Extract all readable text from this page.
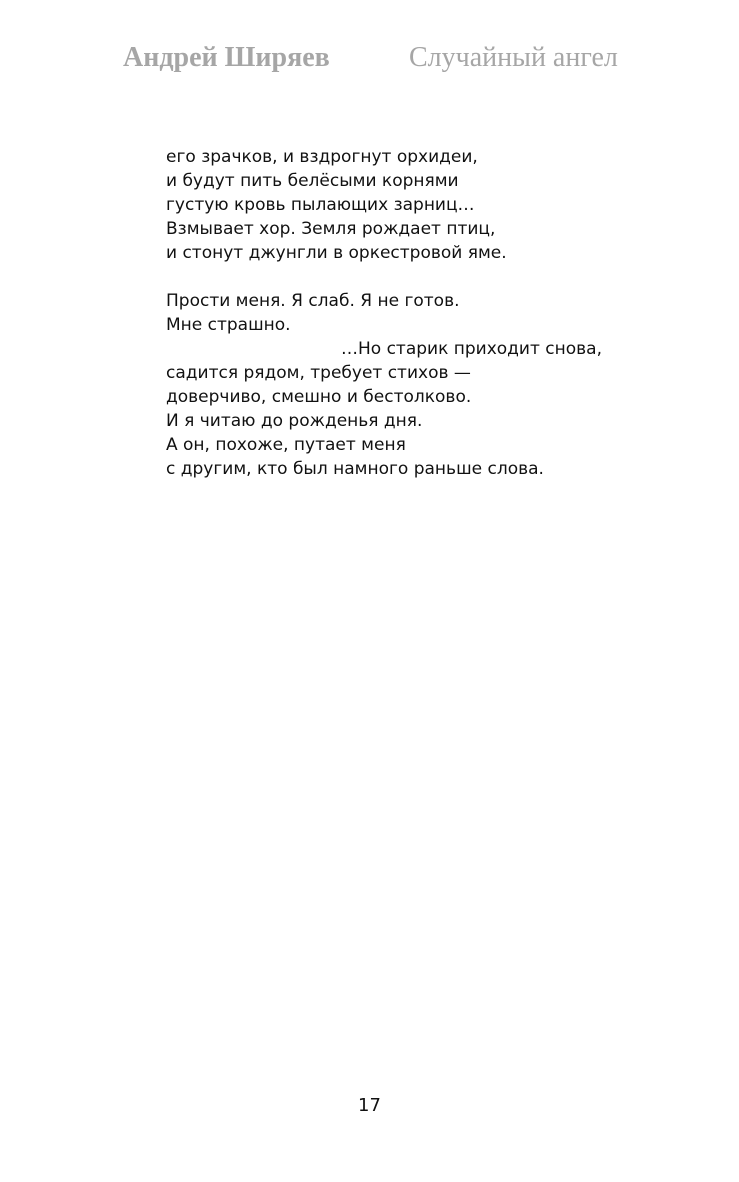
Андрей Ширяев	Случайный ангел
его зрачков, и вздрогнут орхидеи,
и будут пить белёсыми корнями
густую кровь пылающих зарниц…
Взмывает хор. Земля рождает птиц,
и стонут джунгли в оркестровой яме.
Прости меня. Я слаб. Я не готов.
Мне страшно.
…Но старик приходит снова,
садится рядом, требует стихов —
доверчиво, смешно и бестолково.
И я читаю до рожденья дня.
А он, похоже, путает меня
с другим, кто был намного раньше слова.
17
